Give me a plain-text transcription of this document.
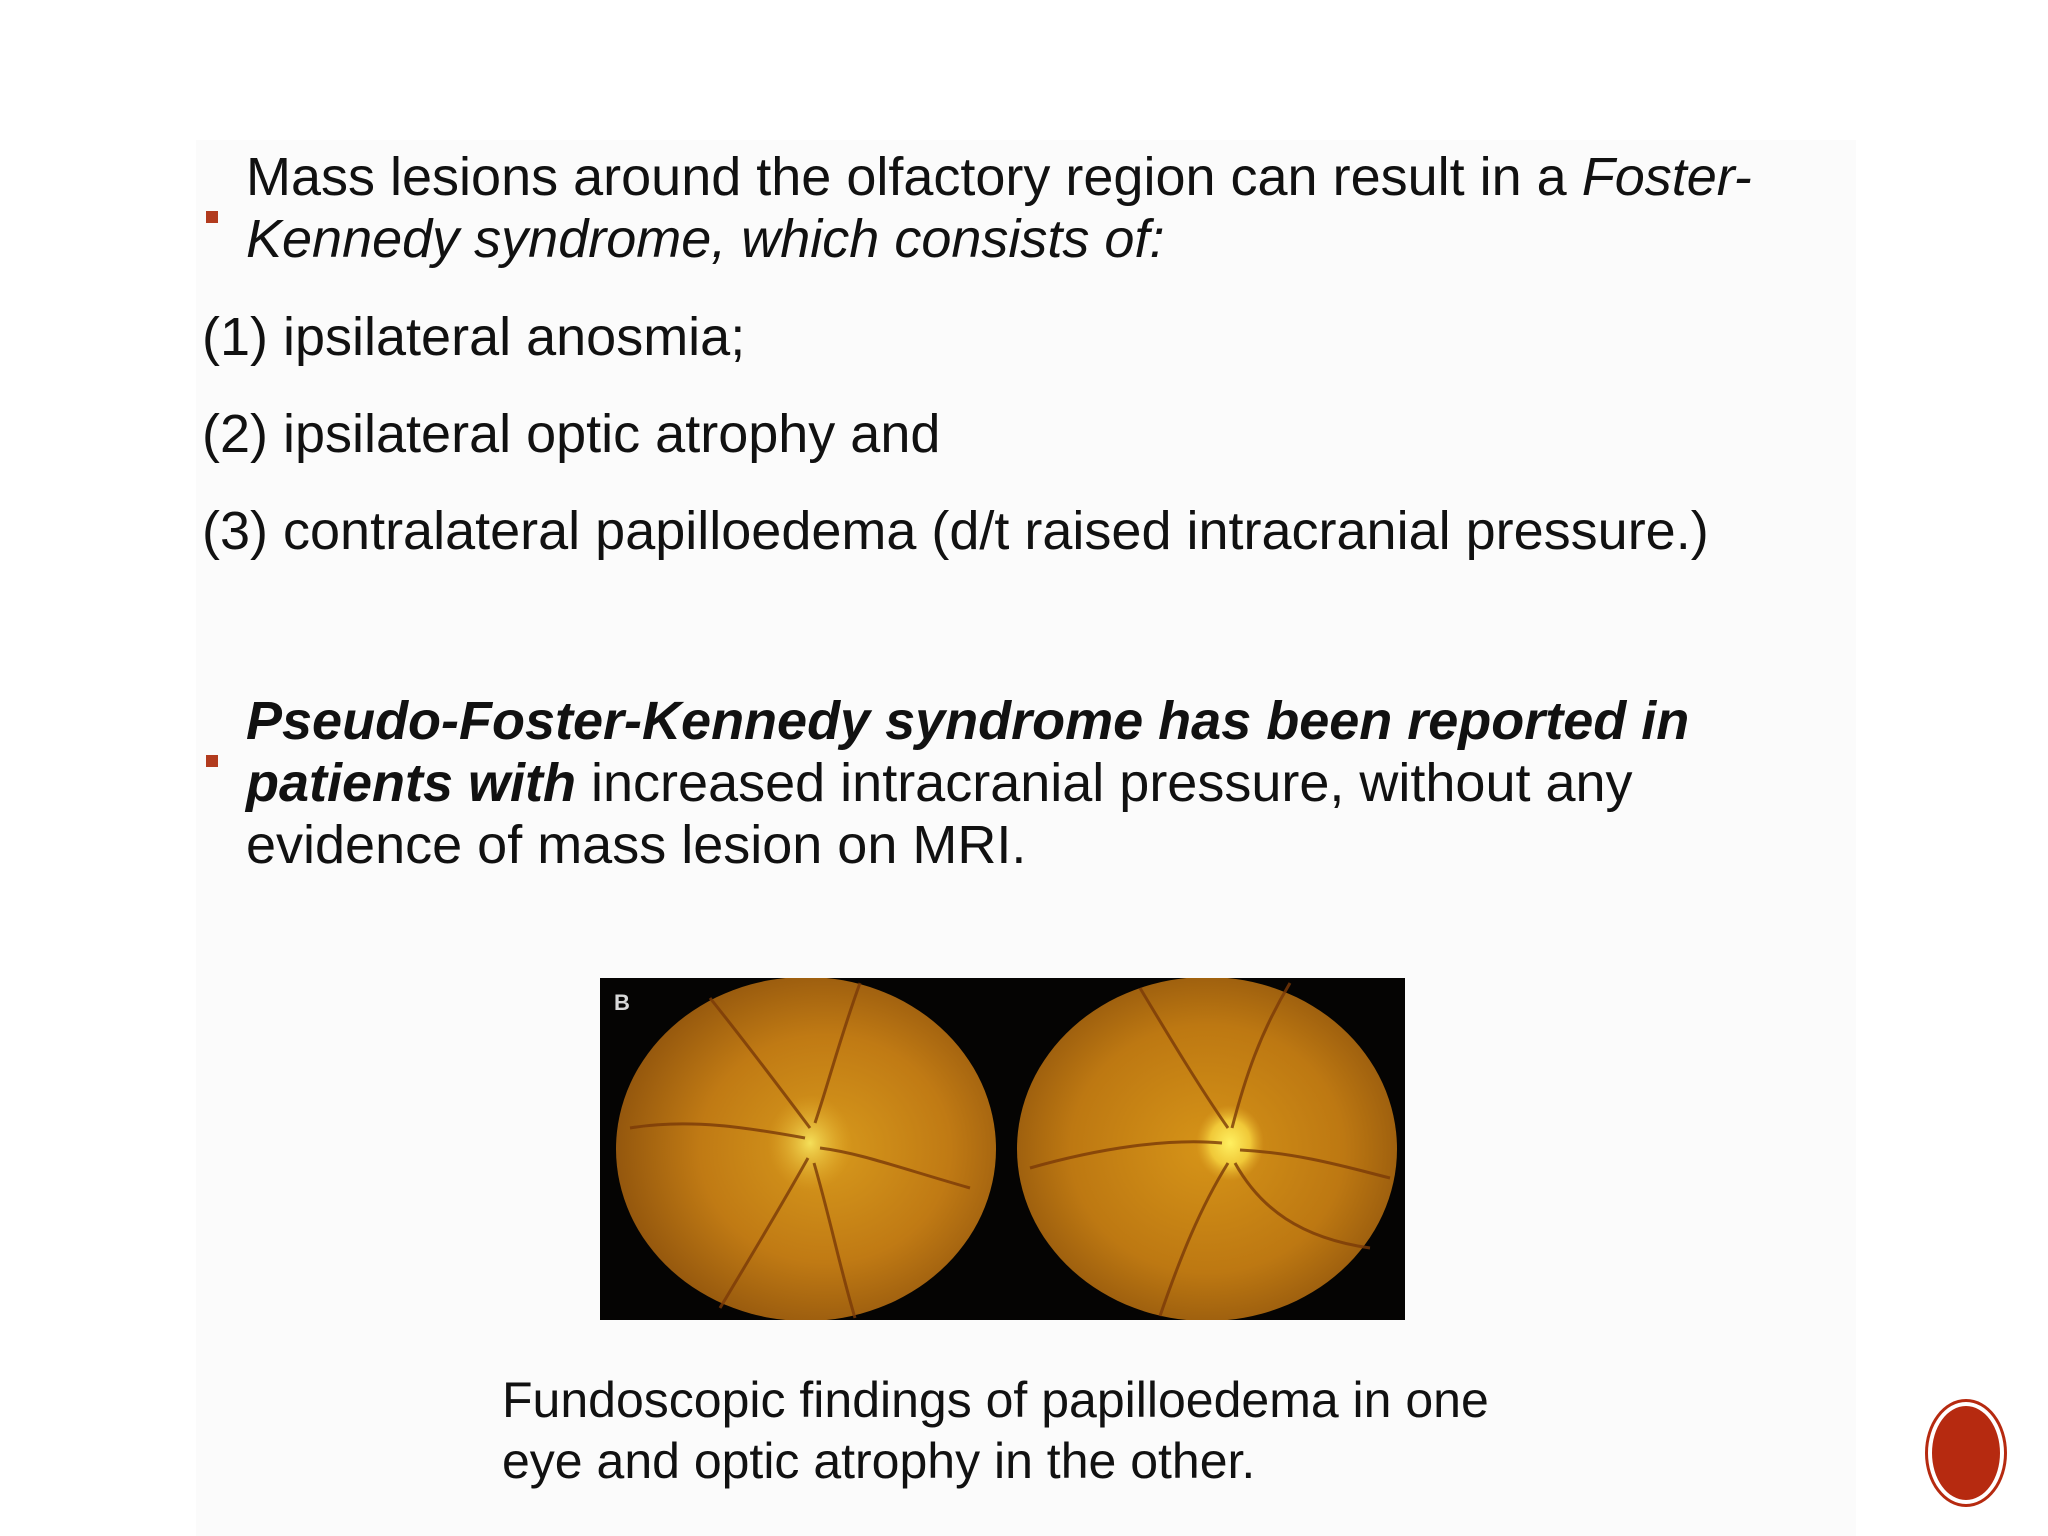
Mass lesions around the olfactory region can result in a Foster-
Kennedy syndrome, which consists of:
(1) ipsilateral anosmia;
(2) ipsilateral optic atrophy and
(3) contralateral papilloedema (d/t raised intracranial pressure.)
Pseudo-Foster-Kennedy syndrome has been reported in
patients with increased intracranial pressure, without any
evidence of mass lesion on MRI.
B
Fundoscopic findings of papilloedema in one
eye and optic atrophy in the other.
